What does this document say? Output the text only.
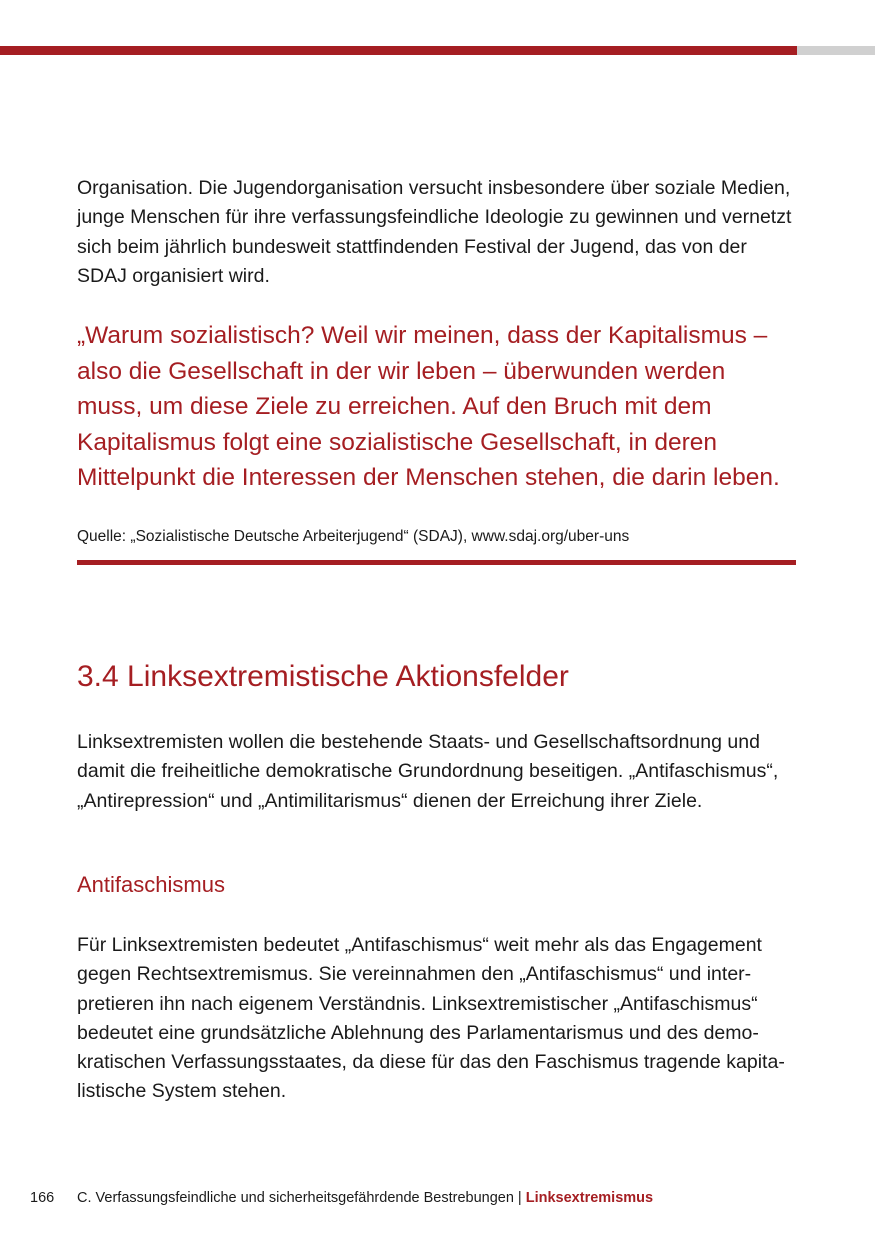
Organisation. Die Jugendorganisation versucht insbesondere über soziale Medien, junge Menschen für ihre verfassungsfeindliche Ideologie zu gewinnen und vernetzt sich beim jährlich bundesweit stattfindenden Festival der Jugend, das von der SDAJ organisiert wird.

„Warum sozialistisch? Weil wir meinen, dass der Kapitalismus – also die Gesellschaft in der wir leben – überwunden werden muss, um diese Ziele zu erreichen. Auf den Bruch mit dem Kapitalismus folgt eine sozialistische Gesellschaft, in deren Mittelpunkt die Interessen der Menschen stehen, die darin leben.

Quelle: „Sozialistische Deutsche Arbeiterjugend“ (SDAJ), www.sdaj.org/uber-uns

3.4 Linksextremistische Aktionsfelder

Linksextremisten wollen die bestehende Staats- und Gesellschaftsordnung und damit die freiheitliche demokratische Grundordnung beseitigen. „Antifaschismus“, „Antirepression“ und „Antimilitarismus“ dienen der Erreichung ihrer Ziele.

Antifaschismus

Für Linksextremisten bedeutet „Antifaschismus“ weit mehr als das Engagement gegen Rechtsextremismus. Sie vereinnahmen den „Antifaschismus“ und interpretieren ihn nach eigenem Verständnis. Linksextremistischer „Antifaschismus“ bedeutet eine grundsätzliche Ablehnung des Parlamentarismus und des demokratischen Verfassungsstaates, da diese für das den Faschismus tragende kapitalistische System stehen.

166 C. Verfassungsfeindliche und sicherheitsgefährdende Bestrebungen | Linksextremismus
